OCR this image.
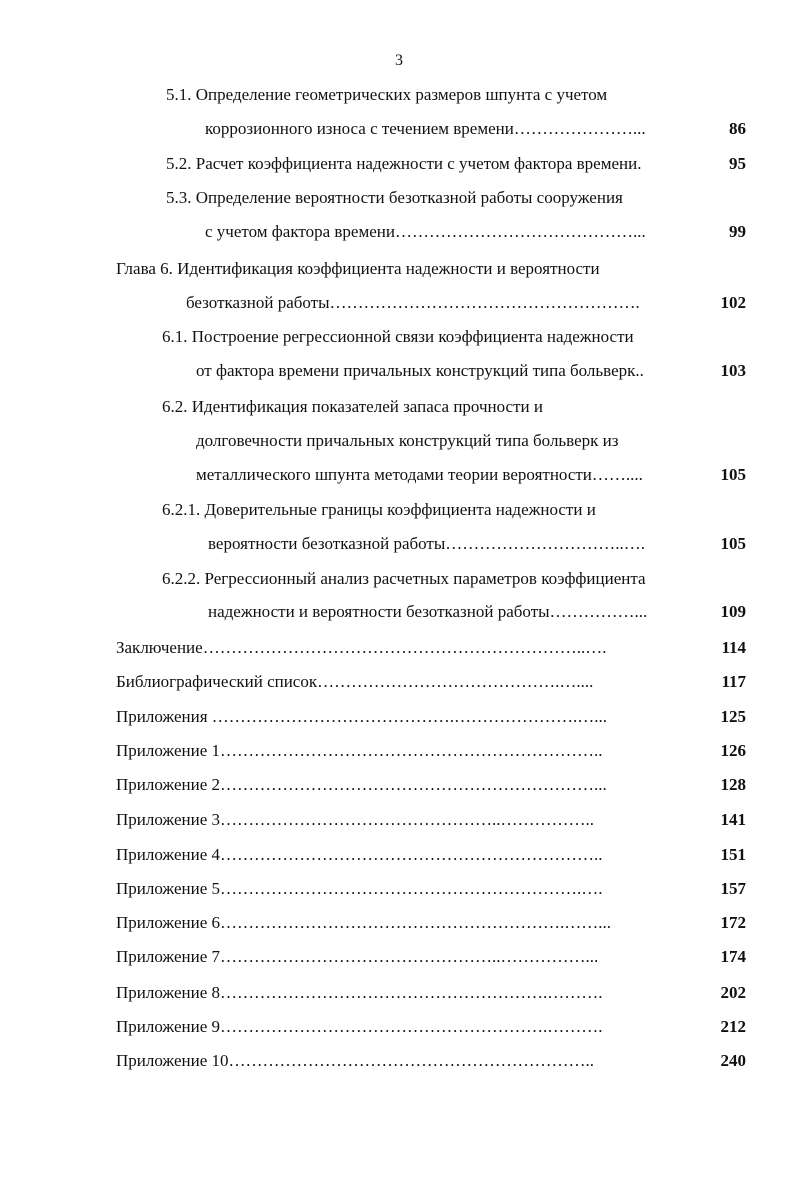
3
5.1. Определение геометрических размеров шпунта с учетом
коррозионного износа с течением времени…………………...	86
5.2. Расчет коэффициента надежности с учетом фактора времени.	95
5.3. Определение вероятности безотказной работы сооружения
с учетом фактора времени……………………………………...	99
Глава 6. Идентификация коэффициента надежности и вероятности
безотказной работы……………………………………………….	102
6.1. Построение регрессионной связи коэффициента надежности
от фактора времени причальных конструкций типа больверк..	103
6.2. Идентификация показателей запаса прочности и
долговечности причальных конструкций типа больверк из
металлического шпунта методами теории вероятности……....	105
6.2.1. Доверительные границы коэффициента надежности и
вероятности безотказной работы…………………………..….	105
6.2.2. Регрессионный анализ расчетных параметров коэффициента
надежности и вероятности безотказной работы……………...	109
Заключение…………………………………………………………..….	114
Библиографический список…………………………………….…....	117
Приложения …………………………………….………………….…...	125
Приложение 1…………………………………………………………..	126
Приложение 2…………………………………………………………...	128
Приложение 3…………………………………………..……………..	141
Приложение 4…………………………………………………………..	151
Приложение 5……………………………………………………….….	157
Приложение 6…………………………………………………….……...	172
Приложение 7…………………………………………..……………...	174
Приложение 8………………………………………………….……….	202
Приложение 9………………………………………………….……….	212
Приложение 10………………………………………………………..	240
